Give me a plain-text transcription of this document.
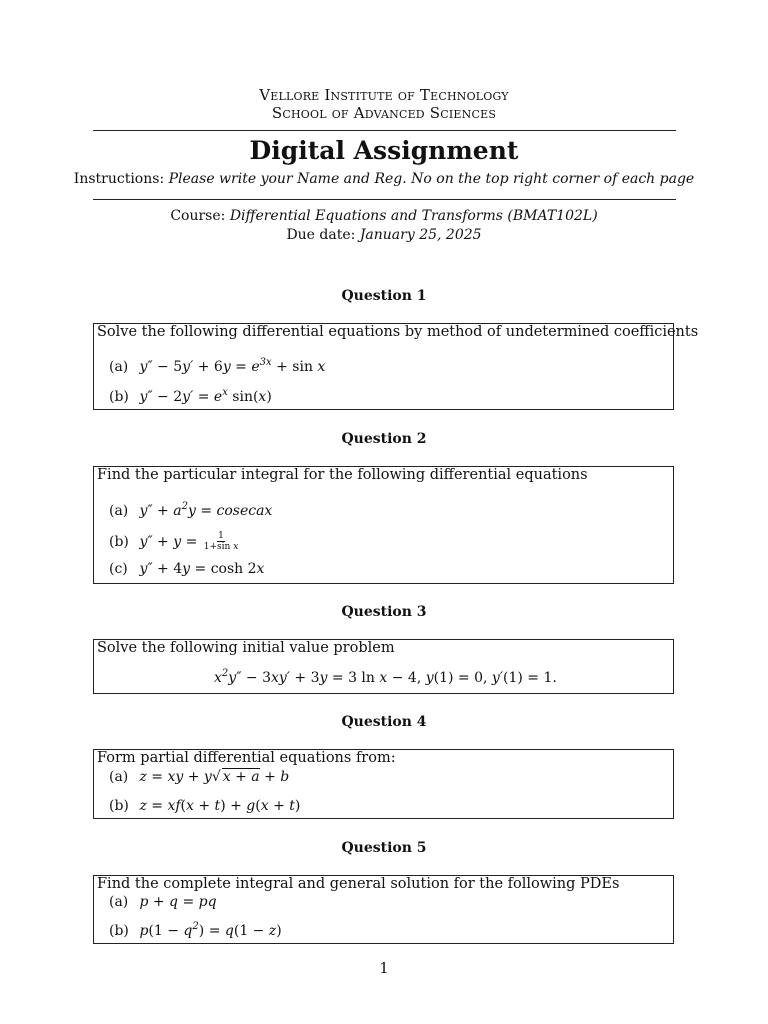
Vellore Institute of Technology
School of Advanced Sciences
Digital Assignment
Instructions: Please write your Name and Reg. No on the top right corner of each page
Course: Differential Equations and Transforms (BMAT102L)
Due date: January 25, 2025
Question 1
Solve the following differential equations by method of undetermined coefficients
(a) $y'' - 5y' + 6y = e^{3x} + \sin x$
(b) $y'' - 2y' = e^x$ sin(x)
Question 2
Find the particular integral for the following differential equations
(a) $y'' + a^2y$ = cosecax
(b) $y'' + y = \frac{1}{\text{1+sin x}}$
(c) y″ + 4y = cosh 2x
Question 3
Solve the following initial value problem
$x^2y'' - 3xy' + 3y = 3$ ln x − 4, y(1) = 0, y′(1) = 1.
Question 4
Form partial differential equations from:
(a) z = xy + y√ x + a + b
(b) z = xf(x + t) + g(x + t)
Question 5
Find the complete integral and general solution for the following PDEs
(a) p + q = pq
(b) $p(1 - q^2) = q(1 - z)$
1
